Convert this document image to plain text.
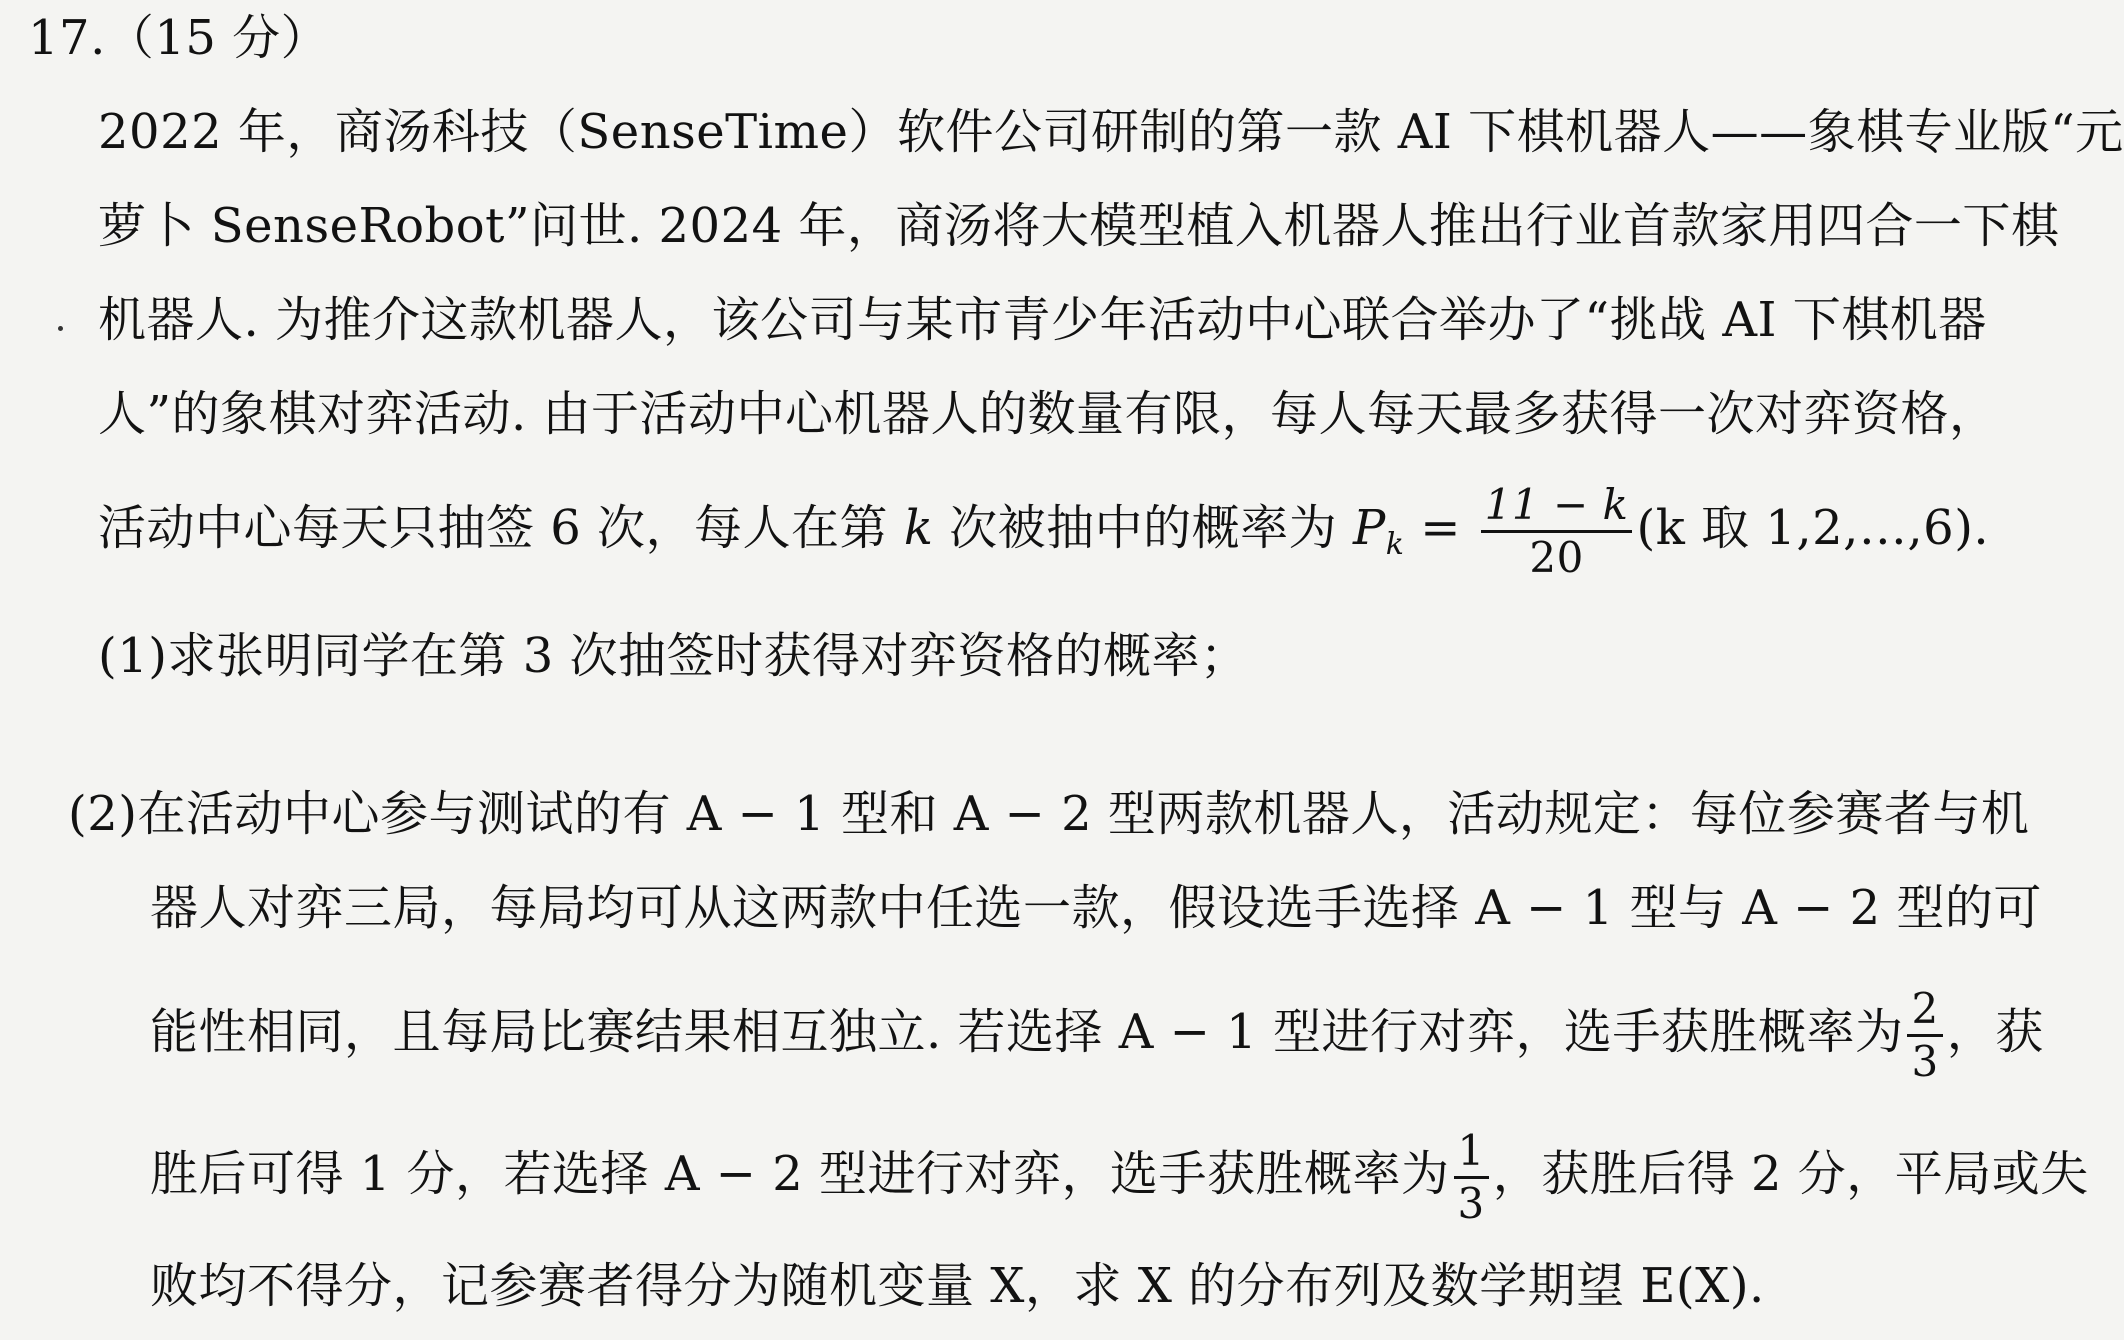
17.（15 分）
2022 年，商汤科技（SenseTime）软件公司研制的第一款 AI 下棋机器人——象棋专业版“元
萝卜 SenseRobot”问世. 2024 年，商汤将大模型植入机器人推出行业首款家用四合一下棋
机器人. 为推介这款机器人，该公司与某市青少年活动中心联合举办了“挑战 AI 下棋机器
人”的象棋对弈活动. 由于活动中心机器人的数量有限，每人每天最多获得一次对弈资格，
活动中心每天只抽签 6 次，每人在第 k 次被抽中的概率为 $P_k = \frac{11 - k}{20} (k$ 取 1,2,…,6).
(1)求张明同学在第 3 次抽签时获得对弈资格的概率；
(2)在活动中心参与测试的有 A − 1 型和 A − 2 型两款机器人，活动规定：每位参赛者与机
器人对弈三局，每局均可从这两款中任选一款，假设选手选择 A − 1 型与 A − 2 型的可
能性相同，且每局比赛结果相互独立. 若选择 A − 1 型进行对弈，选手获胜概率为 $\frac{2}{3}$ ，获
胜后可得 1 分，若选择 A − 2 型进行对弈，选手获胜概率为 $\frac{1}{3}$ ，获胜后得 2 分，平局或失
败均不得分，记参赛者得分为随机变量 X，求 X 的分布列及数学期望 E(X).
